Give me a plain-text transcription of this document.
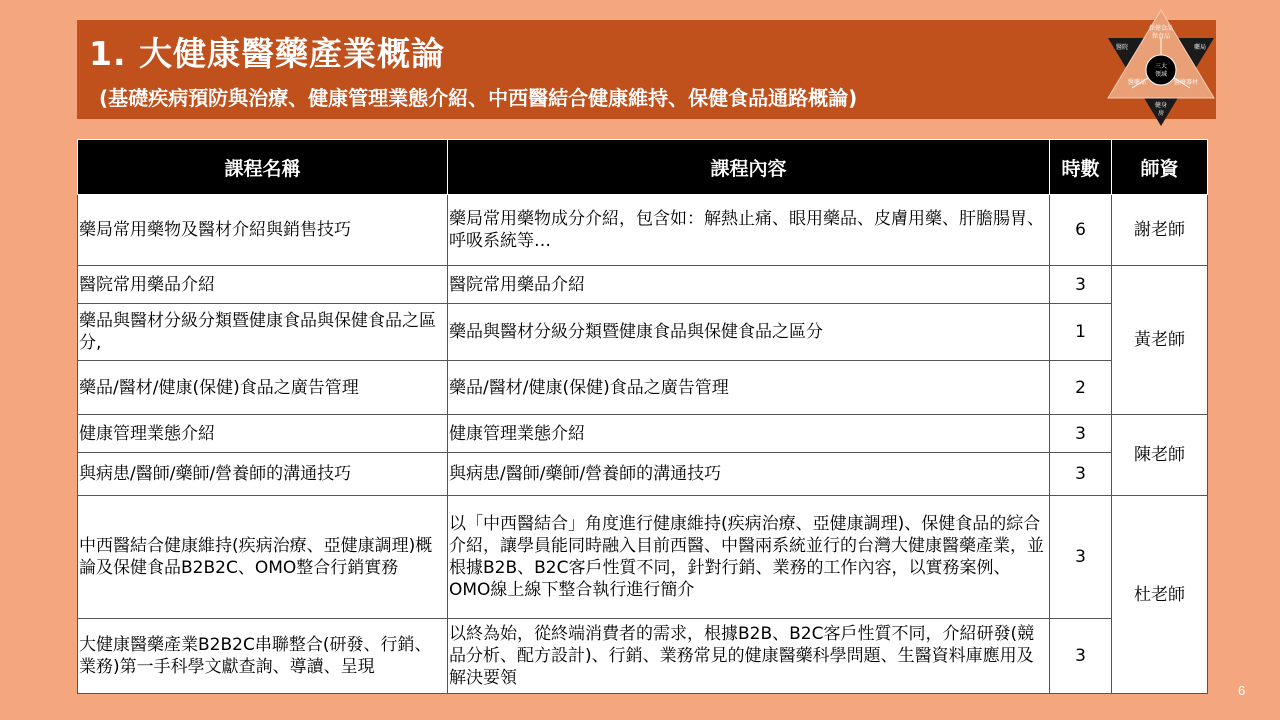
1. 大健康醫藥產業概論
(基礎疾病預防與治療、健康管理業態介紹、中西醫結合健康維持、保健食品通路概論)
保健食品
保食品
醫院	藥局
醫藥品	醫療器材
三大
領域
健身
房
課程名稱	課程內容	時數	師資
藥局常用藥物及醫材介紹與銷售技巧	藥局常用藥物成分介紹，包含如：解熱止痛、眼用藥品、皮膚用藥、肝膽腸胃、呼吸系統等…	6	謝老師
醫院常用藥品介紹	醫院常用藥品介紹	3	黃老師
藥品與醫材分級分類暨健康食品與保健食品之區分,	藥品與醫材分級分類暨健康食品與保健食品之區分	1	
藥品/醫材/健康(保健)食品之廣告管理	藥品/醫材/健康(保健)食品之廣告管理	2	
健康管理業態介紹	健康管理業態介紹	3	陳老師
與病患/醫師/藥師/營養師的溝通技巧	與病患/醫師/藥師/營養師的溝通技巧	3	
中西醫結合健康維持(疾病治療、亞健康調理)概論及保健食品B2B2C、OMO整合行銷實務	以「中西醫結合」角度進行健康維持(疾病治療、亞健康調理)、保健食品的綜合介紹，讓學員能同時融入目前西醫、中醫兩系統並行的台灣大健康醫藥產業，並根據B2B、B2C客戶性質不同，針對行銷、業務的工作內容，以實務案例、OMO線上線下整合執行進行簡介	3	杜老師
大健康醫藥產業B2B2C串聯整合(研發、行銷、業務)第一手科學文獻查詢、導讀、呈現	以終為始，從終端消費者的需求，根據B2B、B2C客戶性質不同，介紹研發(競品分析、配方設計)、行銷、業務常見的健康醫藥科學問題、生醫資料庫應用及解決要領	3	
6
